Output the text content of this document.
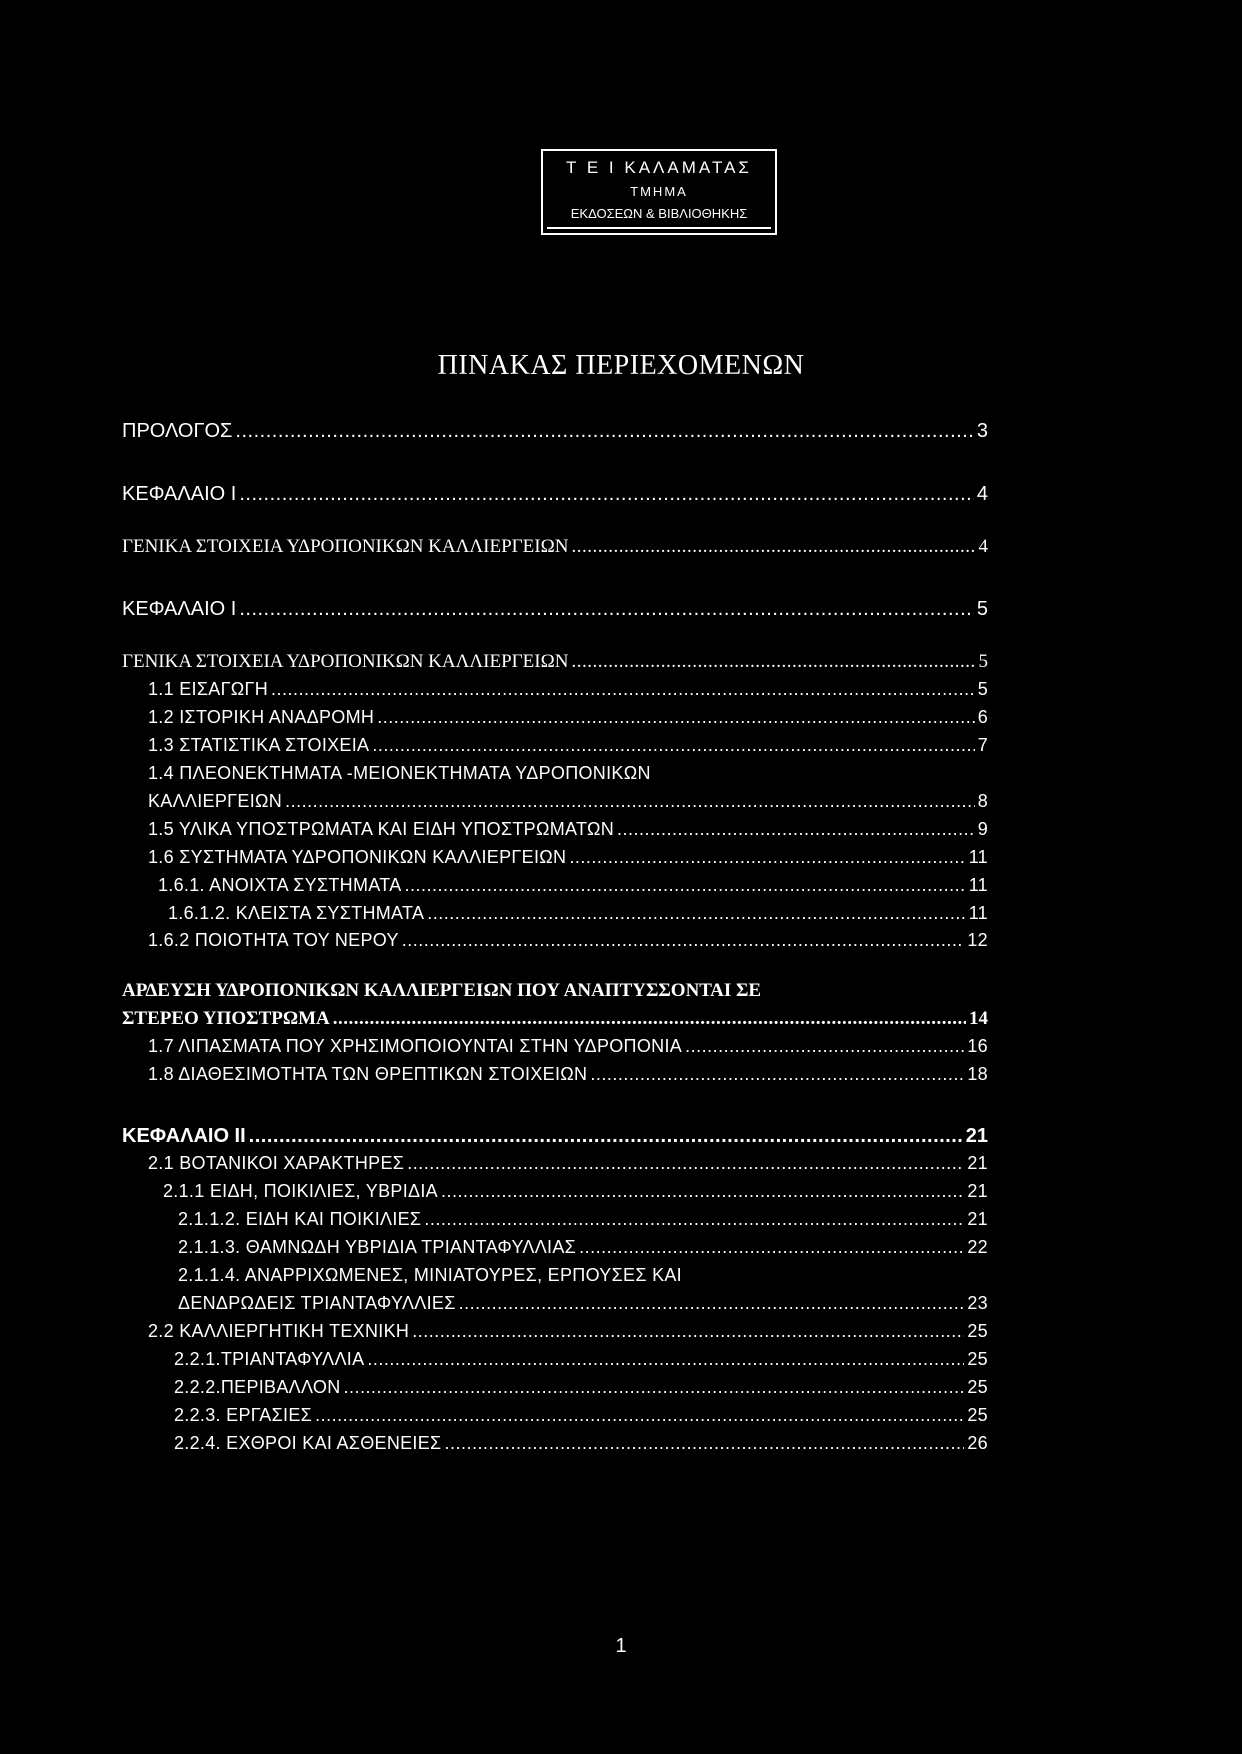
Τ Ε Ι ΚΑΛΑΜΑΤΑΣ
ΤΜΗΜΑ
ΕΚΔΟΣΕΩΝ & ΒΙΒΛΙΟΘΗΚΗΣ
ΠΙΝΑΚΑΣ ΠΕΡΙΕΧΟΜΕΝΩΝ
ΠΡΟΛΟΓΟΣ .....	3
ΚΕΦΑΛΑΙΟ Ι .....	4
ΓΕΝΙΚΑ ΣΤΟΙΧΕΙΑ ΥΔΡΟΠΟΝΙΚΩΝ ΚΑΛΛΙΕΡΓΕΙΩΝ .....	4
ΚΕΦΑΛΑΙΟ Ι .....	5
ΓΕΝΙΚΑ ΣΤΟΙΧΕΙΑ ΥΔΡΟΠΟΝΙΚΩΝ ΚΑΛΛΙΕΡΓΕΙΩΝ .....	5
1.1 ΕΙΣΑΓΩΓΗ .....	5
1.2 ΙΣΤΟΡΙΚΗ ΑΝΑΔΡΟΜΗ .....	6
1.3 ΣΤΑΤΙΣΤΙΚΑ ΣΤΟΙΧΕΙΑ .....	7
1.4 ΠΛΕΟΝΕΚΤΗΜΑΤΑ -ΜΕΙΟΝΕΚΤΗΜΑΤΑ ΥΔΡΟΠΟΝΙΚΩΝ
ΚΑΛΛΙΕΡΓΕΙΩΝ .....	8
1.5 ΥΛΙΚΑ ΥΠΟΣΤΡΩΜΑΤΑ ΚΑΙ ΕΙΔΗ ΥΠΟΣΤΡΩΜΑΤΩΝ .....	9
1.6 ΣΥΣΤΗΜΑΤΑ ΥΔΡΟΠΟΝΙΚΩΝ ΚΑΛΛΙΕΡΓΕΙΩΝ .....	11
1.6.1. ΑΝΟΙΧΤΑ ΣΥΣΤΗΜΑΤΑ .....	11
1.6.1.2. ΚΛΕΙΣΤΑ ΣΥΣΤΗΜΑΤΑ .....	11
1.6.2 ΠΟΙΟΤΗΤΑ ΤΟΥ ΝΕΡΟΥ .....	12
ΑΡΔΕΥΣΗ ΥΔΡΟΠΟΝΙΚΩΝ ΚΑΛΛΙΕΡΓΕΙΩΝ ΠΟΥ ΑΝΑΠΤΥΣΣΟΝΤΑΙ ΣΕ
ΣΤΕΡΕΟ ΥΠΟΣΤΡΩΜΑ .....	14
1.7 ΛΙΠΑΣΜΑΤΑ ΠΟΥ ΧΡΗΣΙΜΟΠΟΙΟΥΝΤΑΙ ΣΤΗΝ ΥΔΡΟΠΟΝΙΑ .....	16
1.8 ΔΙΑΘΕΣΙΜΟΤΗΤΑ ΤΩΝ ΘΡΕΠΤΙΚΩΝ ΣΤΟΙΧΕΙΩΝ .....	18
ΚΕΦΑΛΑΙΟ ΙΙ .....	21
2.1 ΒΟΤΑΝΙΚΟΙ ΧΑΡΑΚΤΗΡΕΣ .....	21
2.1.1 ΕΙΔΗ, ΠΟΙΚΙΛΙΕΣ, ΥΒΡΙΔΙΑ .....	21
2.1.1.2. ΕΙΔΗ ΚΑΙ ΠΟΙΚΙΛΙΕΣ .....	21
2.1.1.3. ΘΑΜΝΩΔΗ ΥΒΡΙΔΙΑ ΤΡΙΑΝΤΑΦΥΛΛΙΑΣ .....	22
2.1.1.4. ΑΝΑΡΡΙΧΩΜΕΝΕΣ, ΜΙΝΙΑΤΟΥΡΕΣ, ΕΡΠΟΥΣΕΣ ΚΑΙ
ΔΕΝΔΡΩΔΕΙΣ ΤΡΙΑΝΤΑΦΥΛΛΙΕΣ .....	23
2.2 ΚΑΛΛΙΕΡΓΗΤΙΚΗ ΤΕΧΝΙΚΗ .....	25
2.2.1.ΤΡΙΑΝΤΑΦΥΛΛΙΑ .....	25
2.2.2.ΠΕΡΙΒΑΛΛΟΝ .....	25
2.2.3. ΕΡΓΑΣΙΕΣ .....	25
2.2.4. ΕΧΘΡΟΙ ΚΑΙ ΑΣΘΕΝΕΙΕΣ .....	26
1
